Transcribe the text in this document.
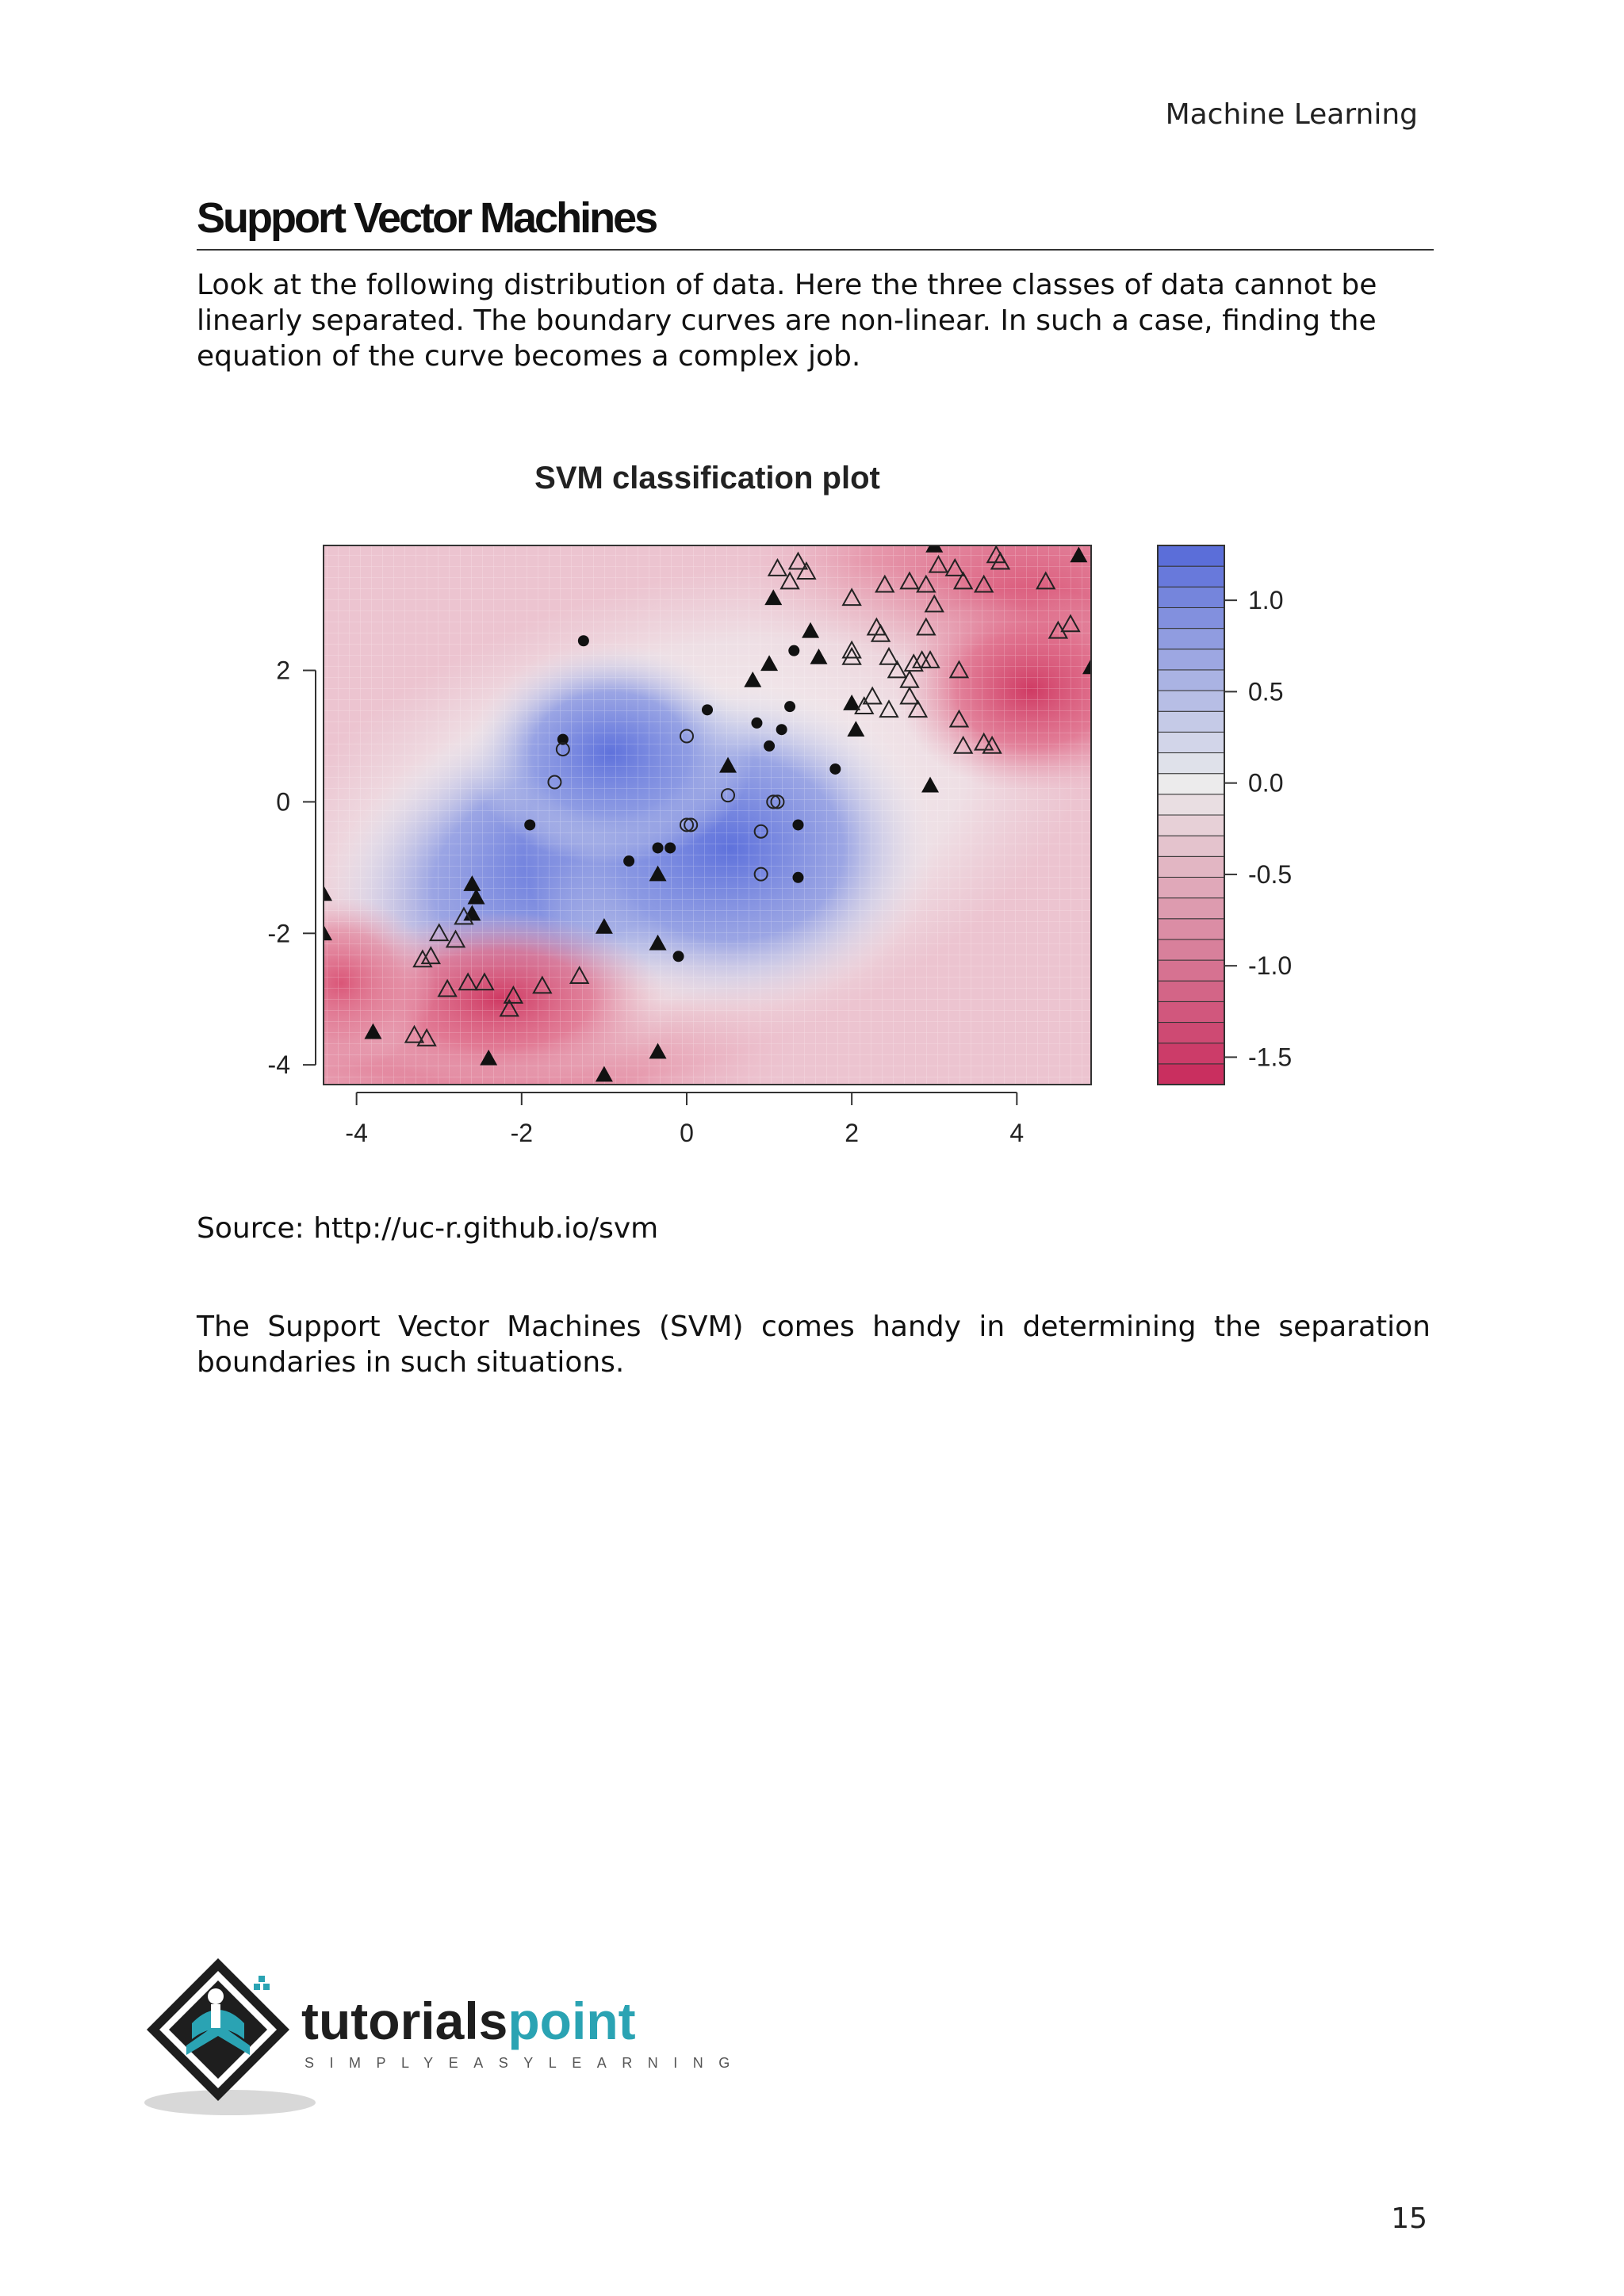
Machine Learning
Support Vector Machines

Look at the following distribution of data. Here the three classes of data cannot be linearly separated. The boundary curves are non-linear. In such a case, finding the equation of the curve becomes a complex job.

SVM classification plot
-4	-2	0	2	4
-4
-2
0
2
1.0
0.5
0.0
-0.5
-1.0
-1.5

Source: http://uc-r.github.io/svm

The Support Vector Machines (SVM) comes handy in determining the separation boundaries in such situations.

tutorialspoint
SIMPLYEASYLEARNING
15
